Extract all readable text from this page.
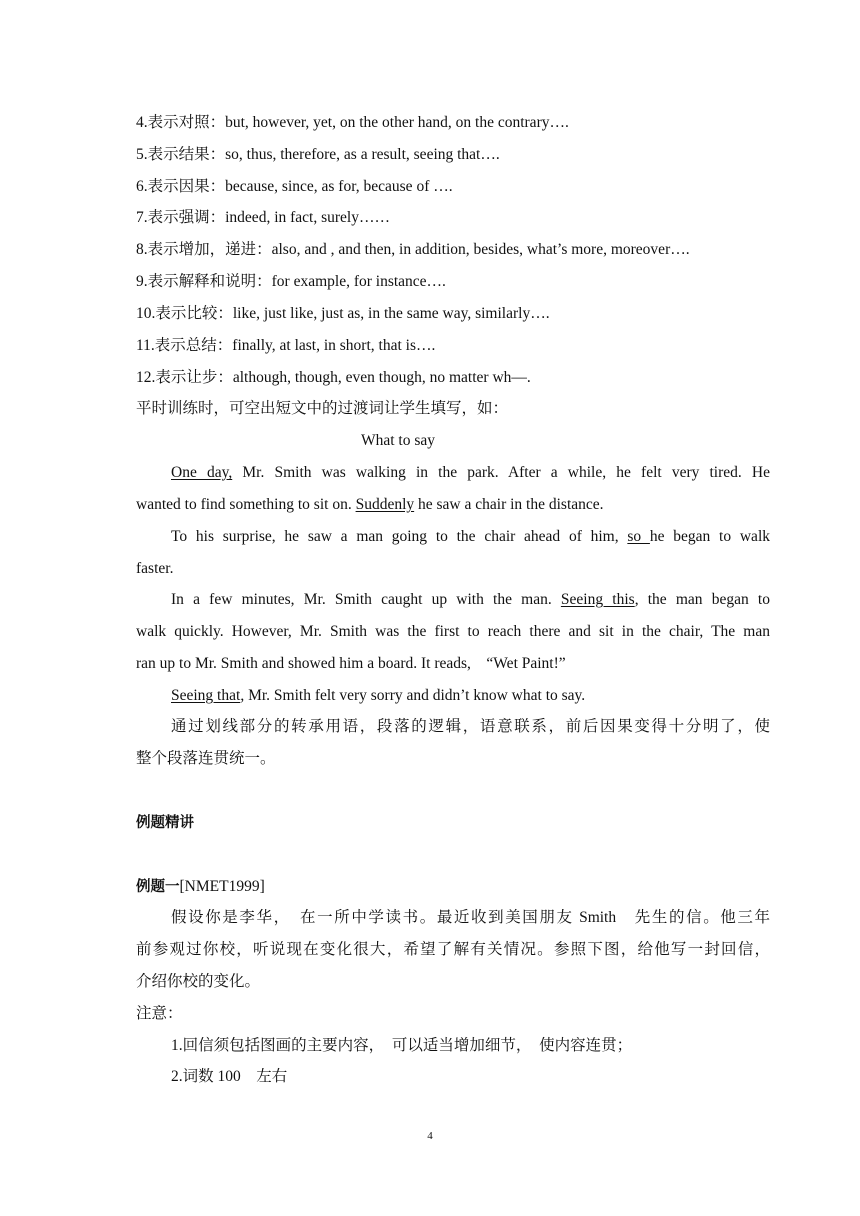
4.表示对照：but, however, yet, on the other hand, on the contrary….
5.表示结果：so, thus, therefore, as a result, seeing that….
6.表示因果：because, since, as for, because of ….
7.表示强调：indeed, in fact, surely……
8.表示增加，递进：also, and , and then, in addition, besides, what’s more, moreover….
9.表示解释和说明：for example, for instance….
10.表示比较：like, just like, just as, in the same way, similarly….
11.表示总结：finally, at last, in short, that is….
12.表示让步：although, though, even though, no matter wh—.
平时训练时，可空出短文中的过渡词让学生填写，如：
What to say
One day, Mr. Smith was walking in the park. After a while, he felt very tired. He
wanted to find something to sit on. Suddenly he saw a chair in the distance.
To his surprise, he saw a man going to the chair ahead of him, so he began to walk
faster.
In a few minutes, Mr. Smith caught up with the man. Seeing this, the man began to
walk quickly. However, Mr. Smith was the first to reach there and sit in the chair, The man
ran up to Mr. Smith and showed him a board. It reads,　“Wet Paint!”
Seeing that, Mr. Smith felt very sorry and didn’t know what to say.
通过划线部分的转承用语，段落的逻辑，语意联系，前后因果变得十分明了，使
整个段落连贯统一。
例题精讲
例题一[NMET1999]
假设你是李华，　在一所中学读书。最近收到美国朋友 Smith　先生的信。他三年
前参观过你校，听说现在变化很大，希望了解有关情况。参照下图，给他写一封回信，
介绍你校的变化。
注意：
1.回信须包括图画的主要内容，　可以适当增加细节，　使内容连贯；
2.词数 100　左右
4
